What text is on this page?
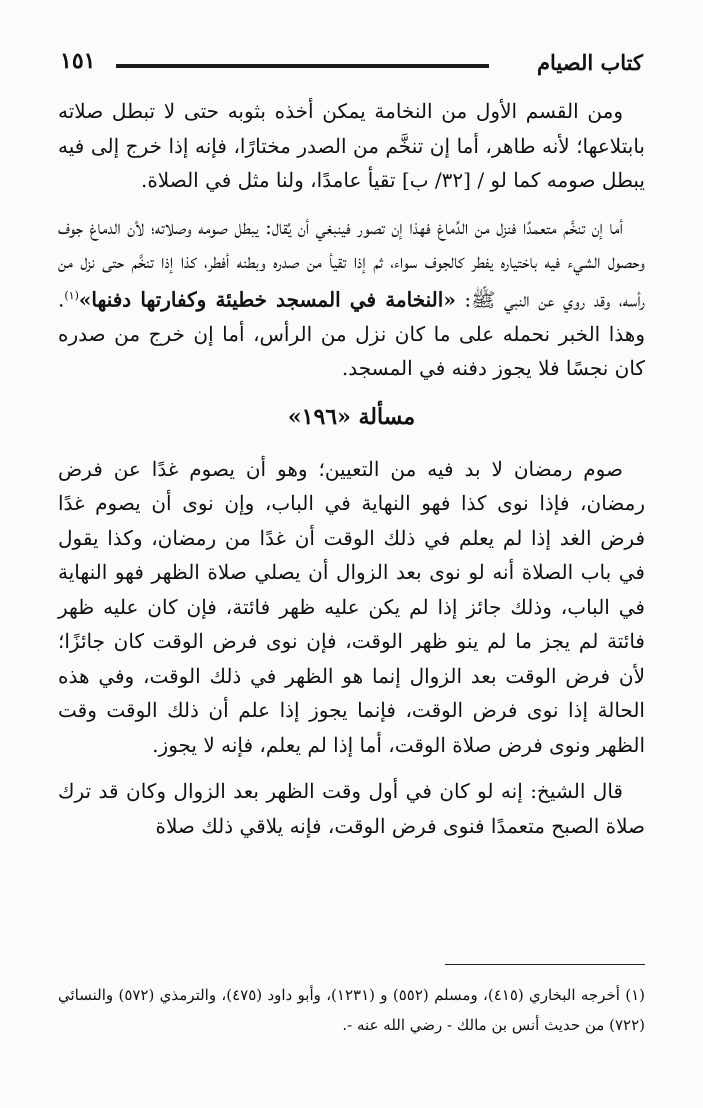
كتاب الصيام
١٥١

ومن القسم الأول من النخامة يمكن أخذه بثوبه حتى لا تبطل صلاته بابتلاعها؛ لأنه طاهر، أما إن تنخَّم من الصدر مختارًا، فإنه إذا خرج إلى فيه يبطل صومه كما لو / [٣٢/ ب] تقيأ عامدًا، ولنا مثل في الصلاة.

أما إن تنخَّم متعمدًا فنزل من الدِّماغ فهذا إن تصور فينبغي أن يُقال: يبطل صومه وصلاته؛ لأن الدماغ جوف وحصول الشيء فيه باختياره يفطر كالجوف سواء، ثم إذا تقيأ من صدره وبطنه أفطر، كذا إذا تنخَّم حتى نزل من رأسه، وقد روي عن النبي ﷺ: «النخامة في المسجد خطيئة وكفارتها دفنها»$^{(١)}$. وهذا الخبر نحمله على ما كان نزل من الرأس، أما إن خرج من صدره كان نجسًا فلا يجوز دفنه في المسجد.

مسألة «١٩٦»

صوم رمضان لا بد فيه من التعيين؛ وهو أن يصوم غدًا عن فرض رمضان، فإذا نوى كذا فهو النهاية في الباب، وإن نوى أن يصوم غدًا فرض الغد إذا لم يعلم في ذلك الوقت أن غدًا من رمضان، وكذا يقول في باب الصلاة أنه لو نوى بعد الزوال أن يصلي صلاة الظهر فهو النهاية في الباب، وذلك جائز إذا لم يكن عليه ظهر فائتة، فإن كان عليه ظهر فائتة لم يجز ما لم ينو ظهر الوقت، فإن نوى فرض الوقت كان جائزًا؛ لأن فرض الوقت بعد الزوال إنما هو الظهر في ذلك الوقت، وفي هذه الحالة إذا نوى فرض الوقت، فإنما يجوز إذا علم أن ذلك الوقت وقت الظهر ونوى فرض صلاة الوقت، أما إذا لم يعلم، فإنه لا يجوز.

قال الشيخ: إنه لو كان في أول وقت الظهر بعد الزوال وكان قد ترك صلاة الصبح متعمدًا فنوى فرض الوقت، فإنه يلاقي ذلك صلاة

(١) أخرجه البخاري (٤١٥)، ومسلم (٥٥٢) و (١٢٣١)، وأبو داود (٤٧٥)، والترمذي (٥٧٢) والنسائي (٧٢٢) من حديث أنس بن مالك - رضي الله عنه -.
